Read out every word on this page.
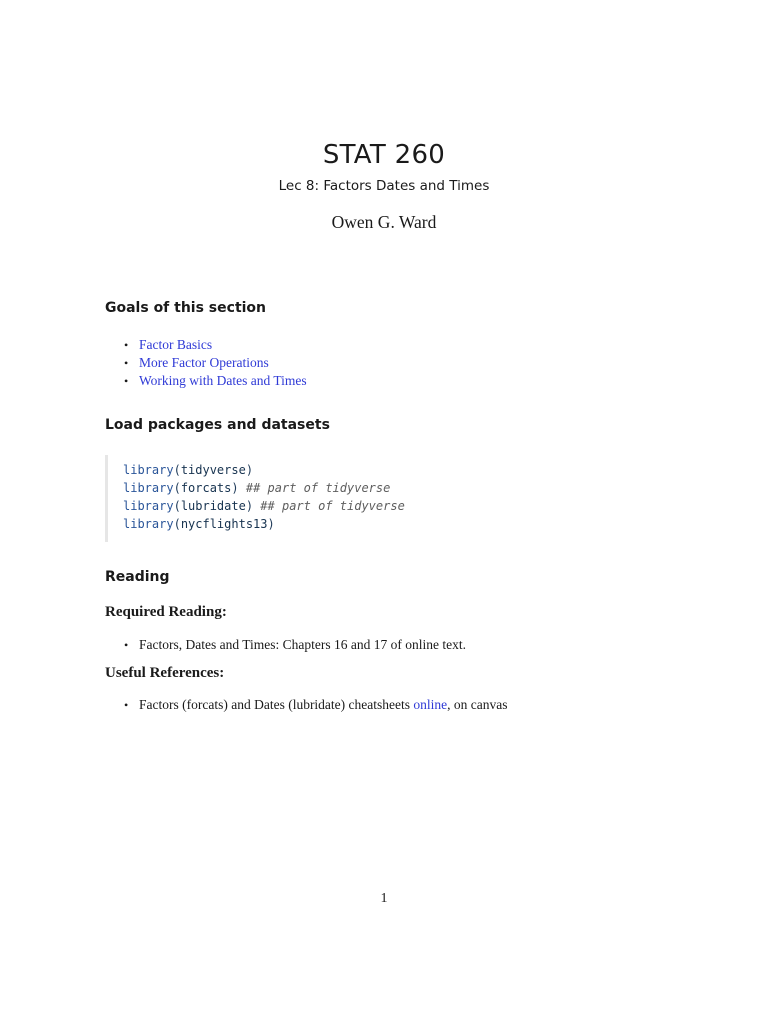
STAT 260
Lec 8: Factors Dates and Times
Owen G. Ward
Goals of this section
• Factor Basics
• More Factor Operations
• Working with Dates and Times
Load packages and datasets
library(tidyverse)
library(forcats) ## part of tidyverse
library(lubridate) ## part of tidyverse
library(nycflights13)
Reading
Required Reading:
• Factors, Dates and Times: Chapters 16 and 17 of online text.
Useful References:
• Factors (forcats) and Dates (lubridate) cheatsheets online, on canvas
1
